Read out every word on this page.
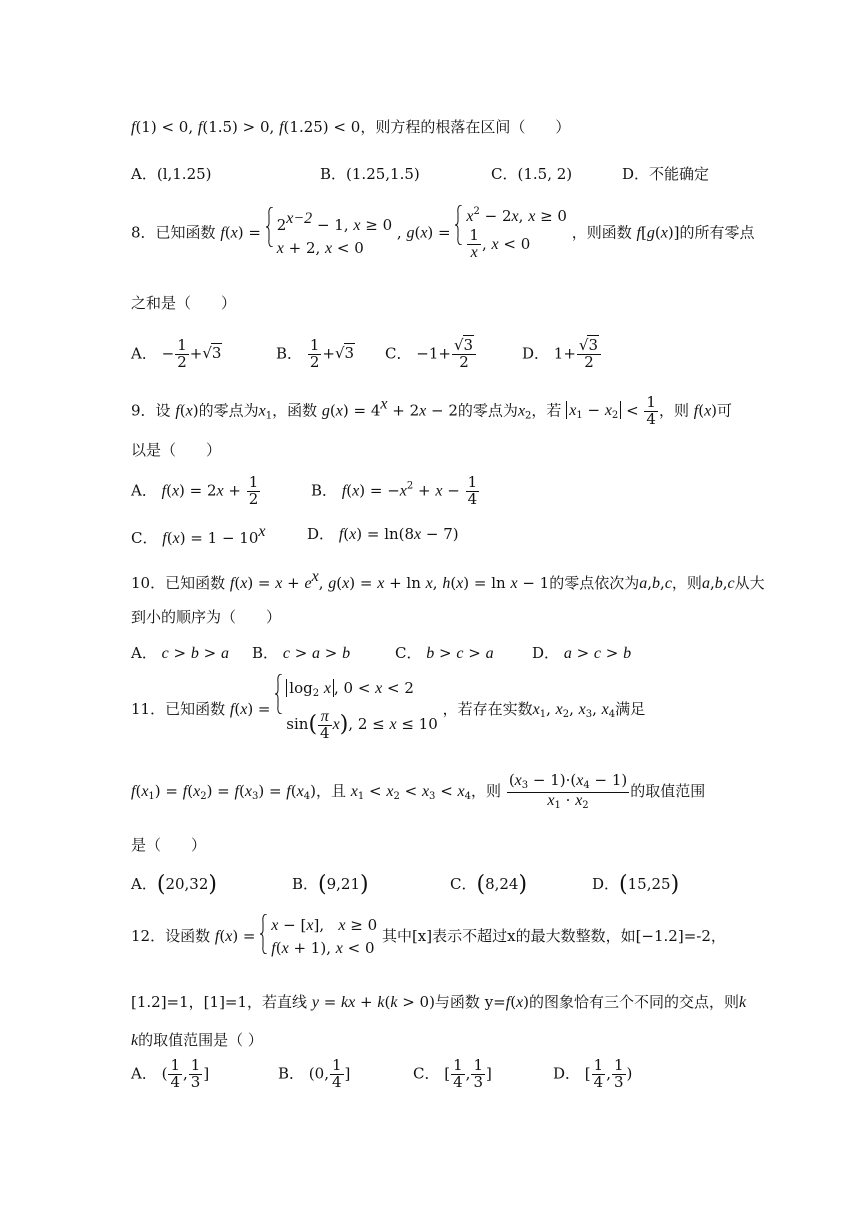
f(1) < 0, f(1.5) > 0, f(1.25) < 0，则方程的根落在区间（　　）
A．(l,1.25)	B．(1.25,1.5)	C．(1.5, 2)	D．不能确定
8．已知函数 $f(x) = 2^{x-2} - 1$, x ≥ 0
x + 2, x < 0
, g(x) =
$x^2 - 2x$, x ≥ 0
$\frac{1}{x}$ , x < 0
，则函数 f[g(x)]的所有零点
之和是（　　）
A． − $\frac{1}{2} +√3$	B． $\frac{1}{2} +√3$ C． $-1+ \frac{√3}{2}$	D． $1+ \frac{√3}{2}$
9．设 f(x)的零点为$x_1$，函数 $g(x) = 4^x + 2x - 2$的零点为$x_2$，若 $x_1 - x_2 < \frac{1}{4}$ ，则 f(x)可
以是（　　）
A． $f(x) = 2x + \frac{1}{2}$	B． $f(x) = -x^2 + x - \frac{1}{4}$
C． $f(x) = 1 - 10^x$	D． f(x) = ln(8x − 7)
10．已知函数 $f(x) = x + e^x$, g(x) = x + ln x, h(x) = ln x − 1的零点依次为a,b,c，则a,b,c从大
到小的顺序为（　　）
A． c > b > a B． c > a > b	C． b > c > a	D． a > c > b
11．已知函数 f(x) =
$\log_2 x$ , 0 < x < 2
$\sin( \frac{\pi}{4} x)$, 2 ≤ x ≤ 10
，若存在实数$x_1$, $x_2$, $x_3$, $x_4$满足
$f(x_1) = f(x_2) = f(x_3) = f(x_4)$，且 $x_1 < x_2 < x_3 < x_4$，则 $\frac{(x_3 - 1)\cdot(x_4 - 1)}{x_1 \cdot x_2}$ 的取值范围
是（　　）
A．(20,32)	B．(9,21)	C．(8,24)	D．(15,25)
12．设函数 f(x) =
x − [x],   x ≥ 0
f(x + 1), x < 0
其中[x]表示不超过x的最大数整数，如[−1.2]=-2，
[1.2]=1，[1]=1，若直线 y = kx + k(k > 0)与函数 y=f(x)的图象恰有三个不同的交点，则k
k的取值范围是（ ）
A． ( $\frac{1}{4}$ , $\frac{1}{3}$ ]	B． (0, $\frac{1}{4}$ ]	C． [ $\frac{1}{4}$ , $\frac{1}{3}$ ]	D． [ $\frac{1}{4}$ , $\frac{1}{3}$ )
